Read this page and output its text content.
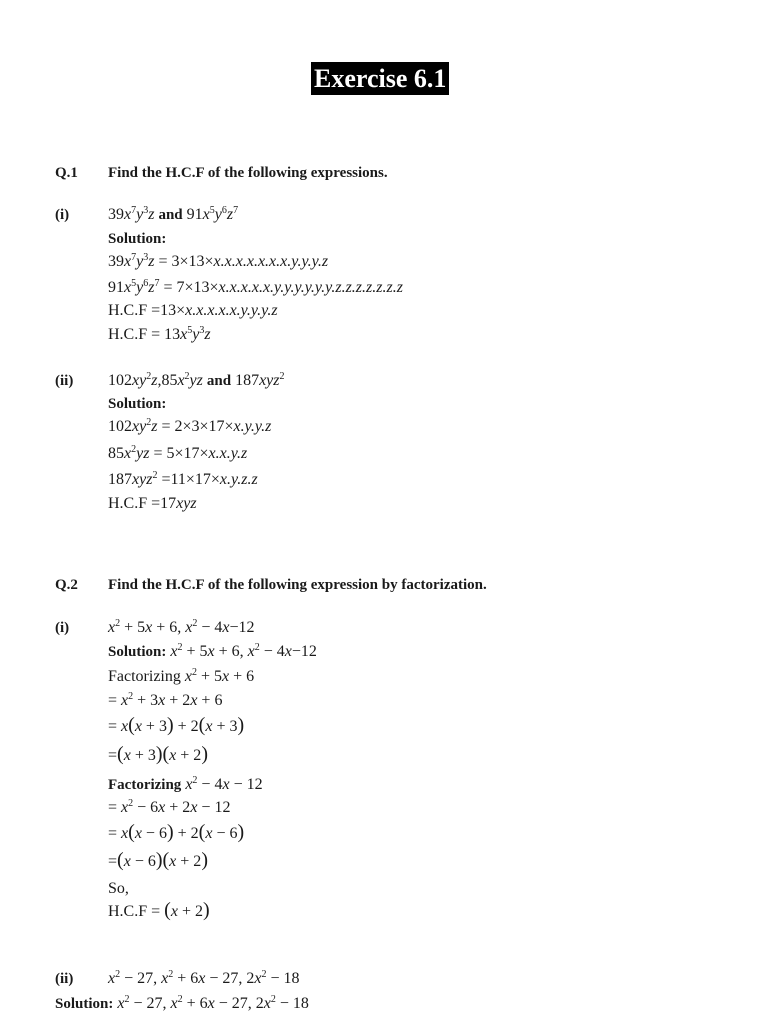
Exercise 6.1
Q.1 Find the H.C.F of the following expressions.
(i) $39x^7y^3z$ and $91x^5y^6z^7$
Solution:
$39x^7y^3z = 3\times 13\times x.x.x.x.x.x.x.y.y.y.z$
$91x^5y^6z^7 = 7\times 13\times x.x.x.x.x.y.y.y.y.y.y.z.z.z.z.z.z.z$
H.C.F =13×x.x.x.x.x.y.y.y.z
$H.C.F = 13x^5y^3z$
(ii) $102xy^2z,85x^2yz$ and 187xyz$^2$
Solution:
$102xy^2z = 2\times 3\times 17\times x.y.y.z$
$85x^2yz = 5\times 17\times x.x.y.z$
187xyz$^2$ =11×17×x.y.z.z
H.C.F =17xyz
Q.2 Find the H.C.F of the following expression by factorization.
(i) $x^2 + 5x + 6$, $x^2 - 4x-12$
Solution: $x^2 + 5x + 6$, $x^2 - 4x-12$
Factorizing $x^2 + 5x + 6$
= $x^2 + 3x + 2x + 6$
= x(x + 3) + 2(x + 3)
=(x + 3)(x + 2)
Factorizing $x^2 - 4x - 12$
= $x^2 - 6x + 2x - 12$
= x(x − 6) + 2(x − 6)
=(x − 6)(x + 2)
So,
H.C.F = (x + 2)
(ii) $x^2 - 27$, $x^2 + 6x - 27$, $2x^2 - 18$
Solution: $x^2 - 27$, $x^2 + 6x - 27$, $2x^2 - 18$
